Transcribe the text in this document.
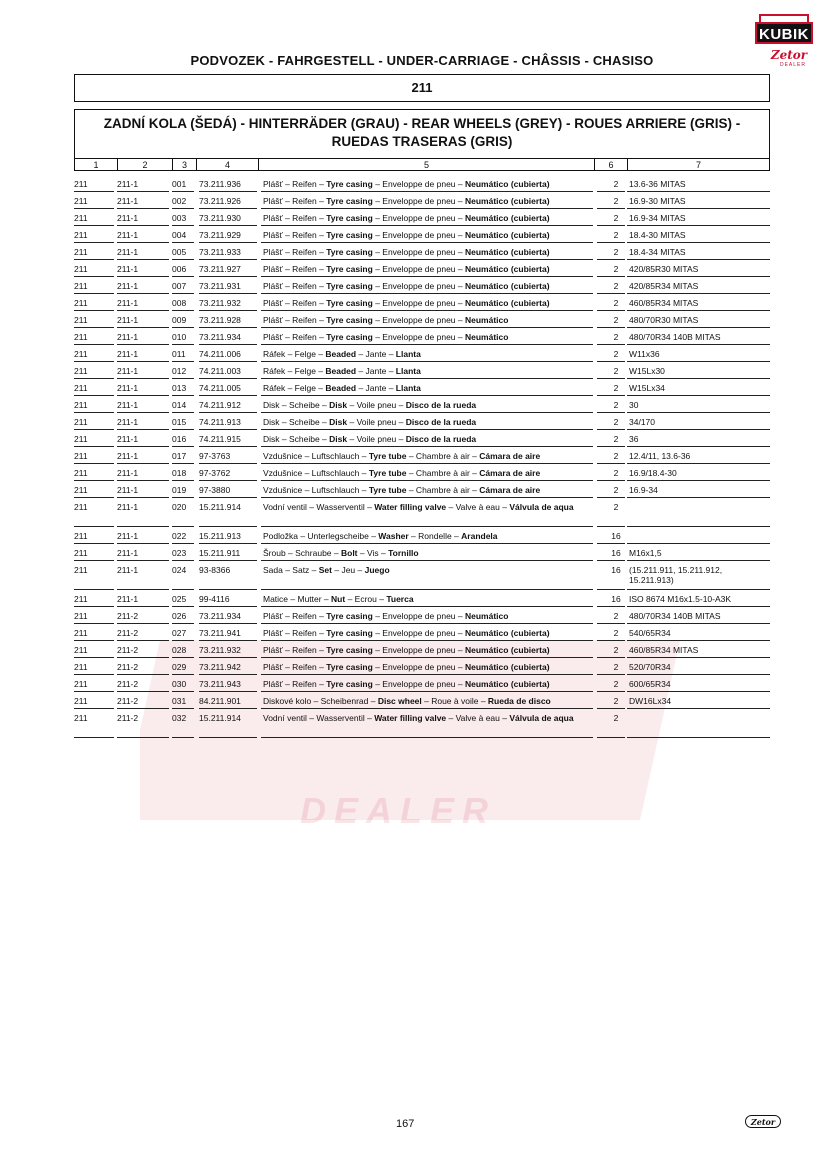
KUBIK
Zetor
DEALER
DEALER
PODVOZEK - FAHRGESTELL - UNDER-CARRIAGE - CHÂSSIS - CHASISO
211
ZADNÍ KOLA (ŠEDÁ) - HINTERRÄDER (GRAU) - REAR WHEELS (GREY) - ROUES ARRIERE (GRIS) -
RUEDAS TRASERAS (GRIS)
1	2	3	4	5	6	7
211	211-1	001	73.211.936	Plášť – Reifen – Tyre casing – Enveloppe de pneu – Neumático (cubierta)	2	13.6-36 MITAS
211	211-1	002	73.211.926	Plášť – Reifen – Tyre casing – Enveloppe de pneu – Neumático (cubierta)	2	16.9-30 MITAS
211	211-1	003	73.211.930	Plášť – Reifen – Tyre casing – Enveloppe de pneu – Neumático (cubierta)	2	16.9-34 MITAS
211	211-1	004	73.211.929	Plášť – Reifen – Tyre casing – Enveloppe de pneu – Neumático (cubierta)	2	18.4-30 MITAS
211	211-1	005	73.211.933	Plášť – Reifen – Tyre casing – Enveloppe de pneu – Neumático (cubierta)	2	18.4-34 MITAS
211	211-1	006	73.211.927	Plášť – Reifen – Tyre casing – Enveloppe de pneu – Neumático (cubierta)	2	420/85R30 MITAS
211	211-1	007	73.211.931	Plášť – Reifen – Tyre casing – Enveloppe de pneu – Neumático (cubierta)	2	420/85R34 MITAS
211	211-1	008	73.211.932	Plášť – Reifen – Tyre casing – Enveloppe de pneu – Neumático (cubierta)	2	460/85R34 MITAS
211	211-1	009	73.211.928	Plášť – Reifen – Tyre casing – Enveloppe de pneu – Neumático	2	480/70R30 MITAS
211	211-1	010	73.211.934	Plášť – Reifen – Tyre casing – Enveloppe de pneu – Neumático	2	480/70R34 140B MITAS
211	211-1	011	74.211.006	Ráfek – Felge – Beaded – Jante – Llanta	2	W11x36
211	211-1	012	74.211.003	Ráfek – Felge – Beaded – Jante – Llanta	2	W15Lx30
211	211-1	013	74.211.005	Ráfek – Felge – Beaded – Jante – Llanta	2	W15Lx34
211	211-1	014	74.211.912	Disk – Scheibe – Disk – Voile pneu – Disco de la rueda	2	30
211	211-1	015	74.211.913	Disk – Scheibe – Disk – Voile pneu – Disco de la rueda	2	34/170
211	211-1	016	74.211.915	Disk – Scheibe – Disk – Voile pneu – Disco de la rueda	2	36
211	211-1	017	97-3763	Vzdušnice – Luftschlauch – Tyre tube – Chambre à air – Cámara de aire	2	12.4/11, 13.6-36
211	211-1	018	97-3762	Vzdušnice – Luftschlauch – Tyre tube – Chambre à air – Cámara de aire	2	16.9/18.4-30
211	211-1	019	97-3880	Vzdušnice – Luftschlauch – Tyre tube – Chambre à air – Cámara de aire	2	16.9-34
211	211-1	020	15.211.914	Vodní ventil – Wasserventil – Water filling valve – Valve à eau – Válvula de aqua	2
211	211-1	022	15.211.913	Podložka – Unterlegscheibe – Washer – Rondelle – Arandela	16
211	211-1	023	15.211.911	Šroub – Schraube – Bolt – Vis – Tornillo	16 M16x1,5
211	211-1	024	93-8366	Sada – Satz – Set – Jeu – Juego	16 (15.211.911, 15.211.912, 15.211.913)
211	211-1	025	99-4116	Matice – Mutter – Nut – Ecrou – Tuerca	16 ISO 8674 M16x1.5-10-A3K
211	211-2	026	73.211.934	Plášť – Reifen – Tyre casing – Enveloppe de pneu – Neumático	2	480/70R34 140B MITAS
211	211-2	027	73.211.941	Plášť – Reifen – Tyre casing – Enveloppe de pneu – Neumático (cubierta)	2	540/65R34
211	211-2	028	73.211.932	Plášť – Reifen – Tyre casing – Enveloppe de pneu – Neumático (cubierta)	2	460/85R34 MITAS
211	211-2	029	73.211.942	Plášť – Reifen – Tyre casing – Enveloppe de pneu – Neumático (cubierta)	2	520/70R34
211	211-2	030	73.211.943	Plášť – Reifen – Tyre casing – Enveloppe de pneu – Neumático (cubierta)	2	600/65R34
211	211-2	031	84.211.901	Diskové kolo – Scheibenrad – Disc wheel – Roue à voile – Rueda de disco	2	DW16Lx34
211	211-2	032	15.211.914	Vodní ventil – Wasserventil – Water filling valve – Valve à eau – Válvula de aqua	2
167	Zetor
